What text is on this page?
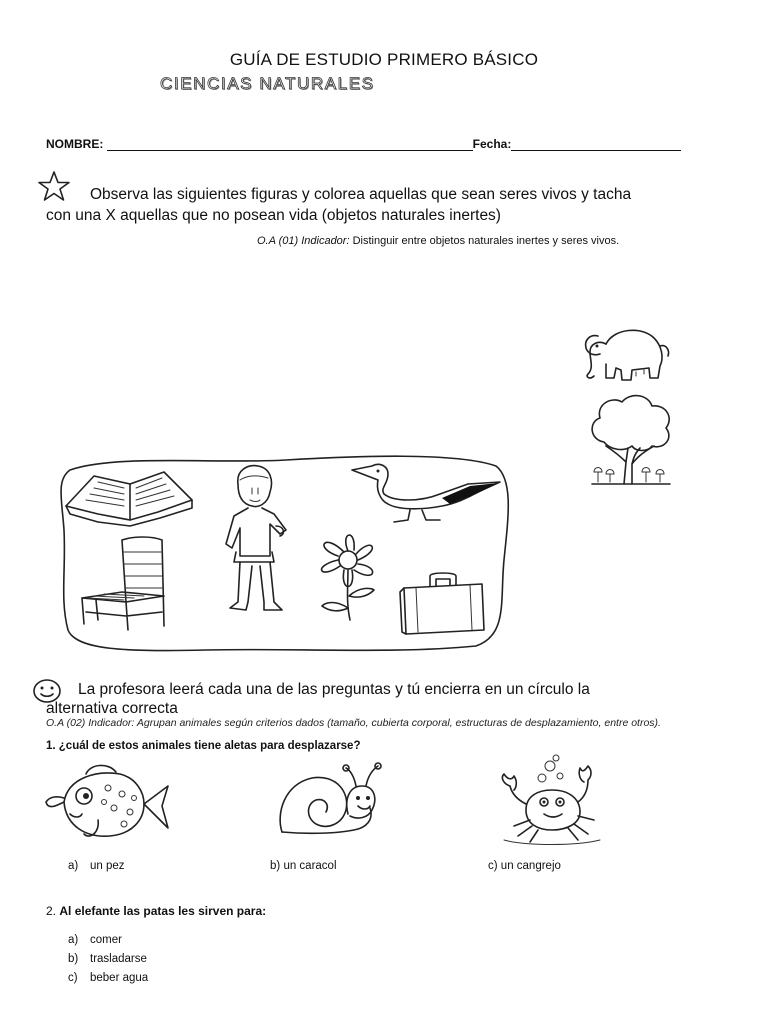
GUÍA DE ESTUDIO PRIMERO BÁSICO
CIENCIAS NATURALES
NOMBRE:	Fecha:
Observa las siguientes figuras y colorea aquellas que sean seres vivos y tacha
con una X aquellas que no posean vida (objetos naturales inertes)
O.A (01) Indicador: Distinguir entre objetos naturales inertes y seres vivos.
La profesora leerá cada una de las preguntas y tú encierra en un círculo la
alternativa correcta
O.A (02) Indicador: Agrupan animales según criterios dados (tamaño, cubierta corporal, estructuras de desplazamiento, entre otros).
1. ¿cuál de estos animales tiene aletas para desplazarse?
a) un pez	b) un caracol	c) un cangrejo
2. Al elefante las patas les sirven para:
a) comer
b) trasladarse
c) beber agua
